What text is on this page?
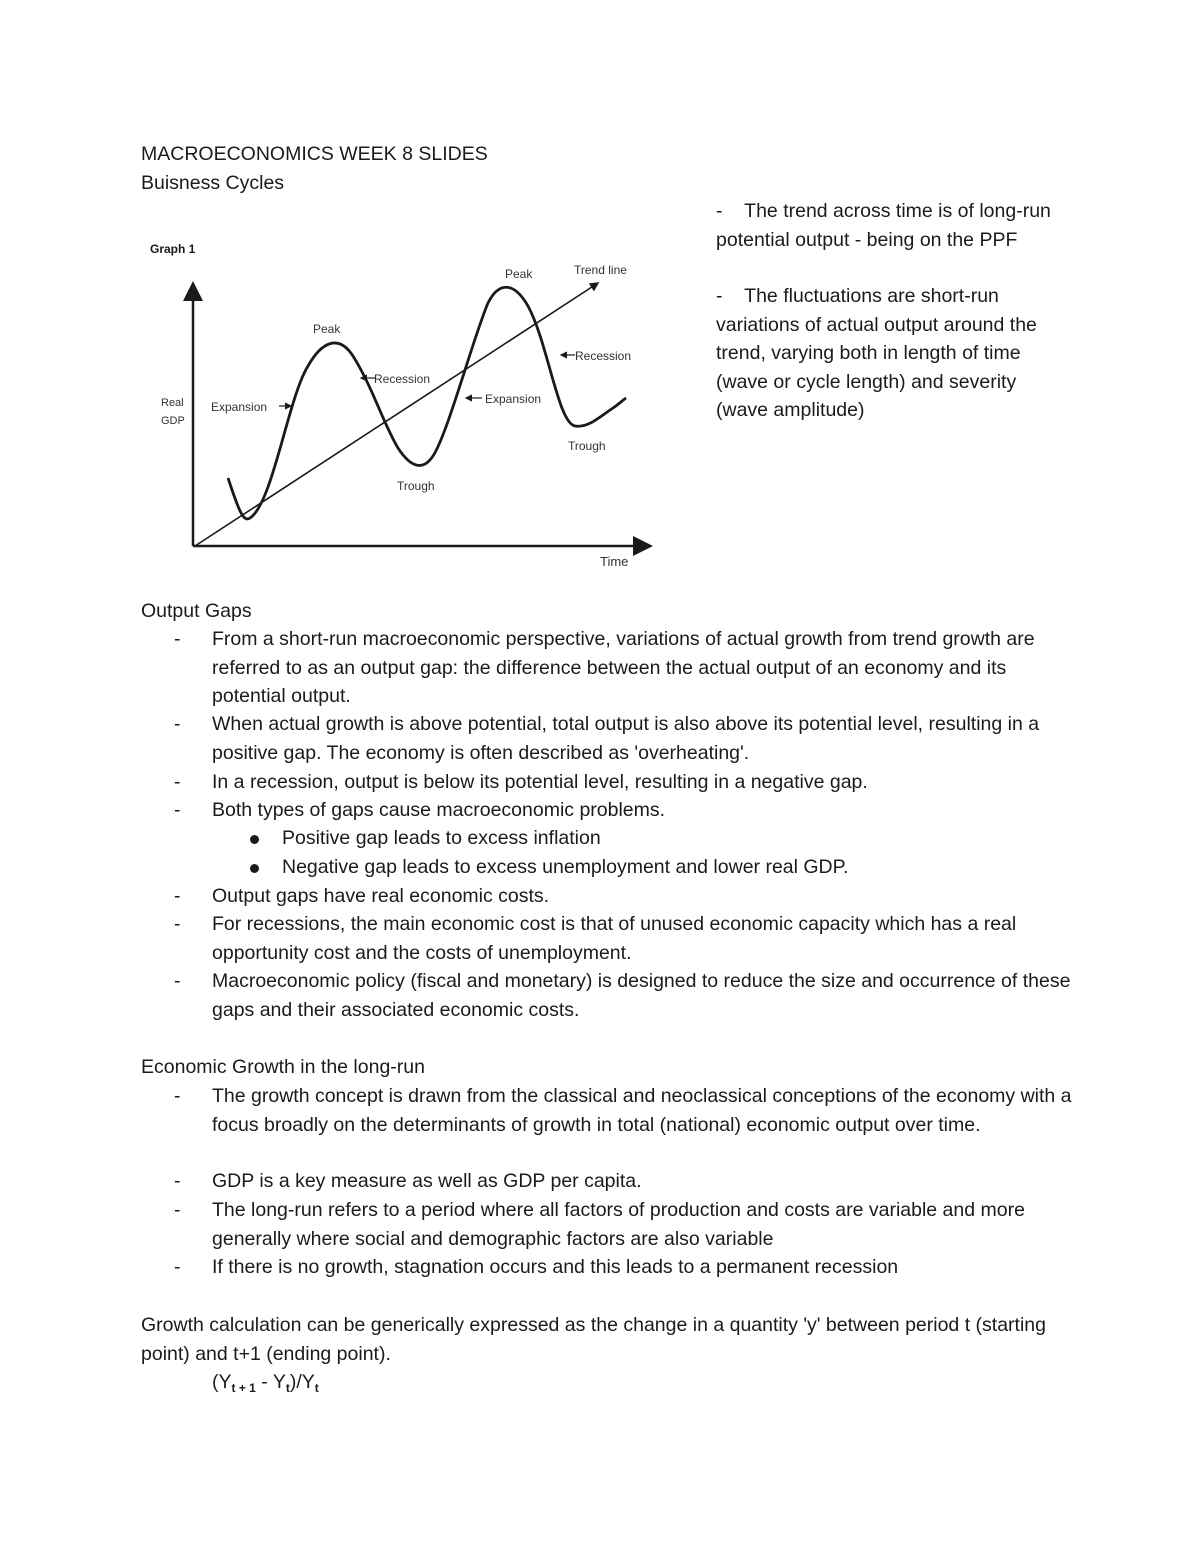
MACROECONOMICS WEEK 8 SLIDES
Buisness Cycles
Graph 1
Real
GDP
Time
Peak
Peak	Trend line
Recession
Recession
Expansion
Expansion
Trough
Trough
- The trend across time is of long-run potential output - being on the PPF
- The fluctuations are short-run variations of actual output around the trend, varying both in length of time (wave or cycle length) and severity (wave amplitude)
Output Gaps
- From a short-run macroeconomic perspective, variations of actual growth from trend growth are referred to as an output gap: the difference between the actual output of an economy and its potential output.
- When actual growth is above potential, total output is also above its potential level, resulting in a positive gap. The economy is often described as 'overheating'.
- In a recession, output is below its potential level, resulting in a negative gap.
- Both types of gaps cause macroeconomic problems.
Positive gap leads to excess inflation
Negative gap leads to excess unemployment and lower real GDP.
- Output gaps have real economic costs.
- For recessions, the main economic cost is that of unused economic capacity which has a real opportunity cost and the costs of unemployment.
- Macroeconomic policy (fiscal and monetary) is designed to reduce the size and occurrence of these gaps and their associated economic costs.
Economic Growth in the long-run
- The growth concept is drawn from the classical and neoclassical conceptions of the economy with a focus broadly on the determinants of growth in total (national) economic output over time.
- GDP is a key measure as well as GDP per capita.
- The long-run refers to a period where all factors of production and costs are variable and more generally where social and demographic factors are also variable
- If there is no growth, stagnation occurs and this leads to a permanent recession
Growth calculation can be generically expressed as the change in a quantity 'y' between period t (starting point) and t+1 (ending point).
$(Y_{t + 1} - Y_t)/Y_t$
